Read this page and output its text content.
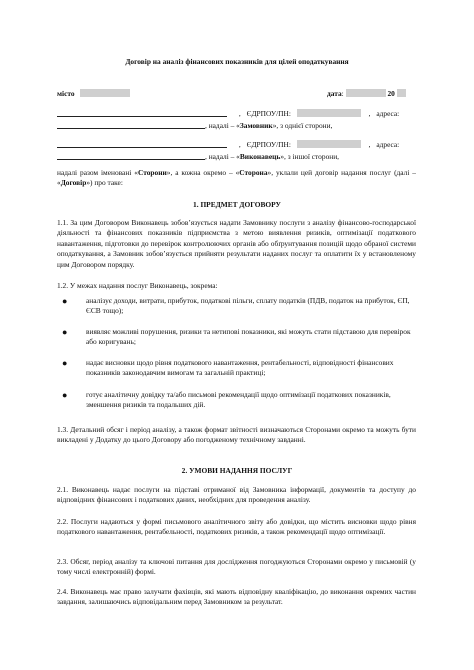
Договір на аналіз фінансових показників для цілей оподаткування
місто	дата:	20
, ЄДРПОУ/ПН:	, адреса:
, надалі – «Замовник», з однієї сторони,
, ЄДРПОУ/ПН:	, адреса:
, надалі – «Виконавець», з іншої сторони,
надалі разом іменовані «Сторони», а кожна окремо – «Сторона», уклали цей договір надання послуг (далі – «Договір») про таке:
1. ПРЕДМЕТ ДОГОВОРУ
1.1. За цим Договором Виконавець зобов’язується надати Замовнику послуги з аналізу фінансово-господарської діяльності та фінансових показників підприємства з метою виявлення ризиків, оптимізації податкового навантаження, підготовки до перевірок контролюючих органів або обґрунтування позицій щодо обраної системи оподаткування, а Замовник зобов’язується прийняти результати наданих послуг та оплатити їх у встановленому цим Договором порядку.
1.2. У межах надання послуг Виконавець, зокрема:
●	аналізує доходи, витрати, прибуток, податкові пільги, сплату податків (ПДВ, податок на прибуток, ЄП, ЄСВ тощо);
●	виявляє можливі порушення, ризики та нетипові показники, які можуть стати підставою для перевірок або коригувань;
●	надає висновки щодо рівня податкового навантаження, рентабельності, відповідності фінансових показників законодавчим вимогам та загальній практиці;
●	готує аналітичну довідку та/або письмові рекомендації щодо оптимізації податкових показників, зменшення ризиків та подальших дій.
1.3. Детальний обсяг і період аналізу, а також формат звітності визначаються Сторонами окремо та можуть бути викладені у Додатку до цього Договору або погодженому технічному завданні.
2. УМОВИ НАДАННЯ ПОСЛУГ
2.1. Виконавець надає послуги на підставі отриманої від Замовника інформації, документів та доступу до відповідних фінансових і податкових даних, необхідних для проведення аналізу.
2.2. Послуги надаються у формі письмового аналітичного звіту або довідки, що містить висновки щодо рівня податкового навантаження, рентабельності, податкових ризиків, а також рекомендації щодо оптимізації.
2.3. Обсяг, період аналізу та ключові питання для дослідження погоджуються Сторонами окремо у письмовій (у тому числі електронній) формі.
2.4. Виконавець має право залучати фахівців, які мають відповідну кваліфікацію, до виконання окремих частин завдання, залишаючись відповідальним перед Замовником за результат.
